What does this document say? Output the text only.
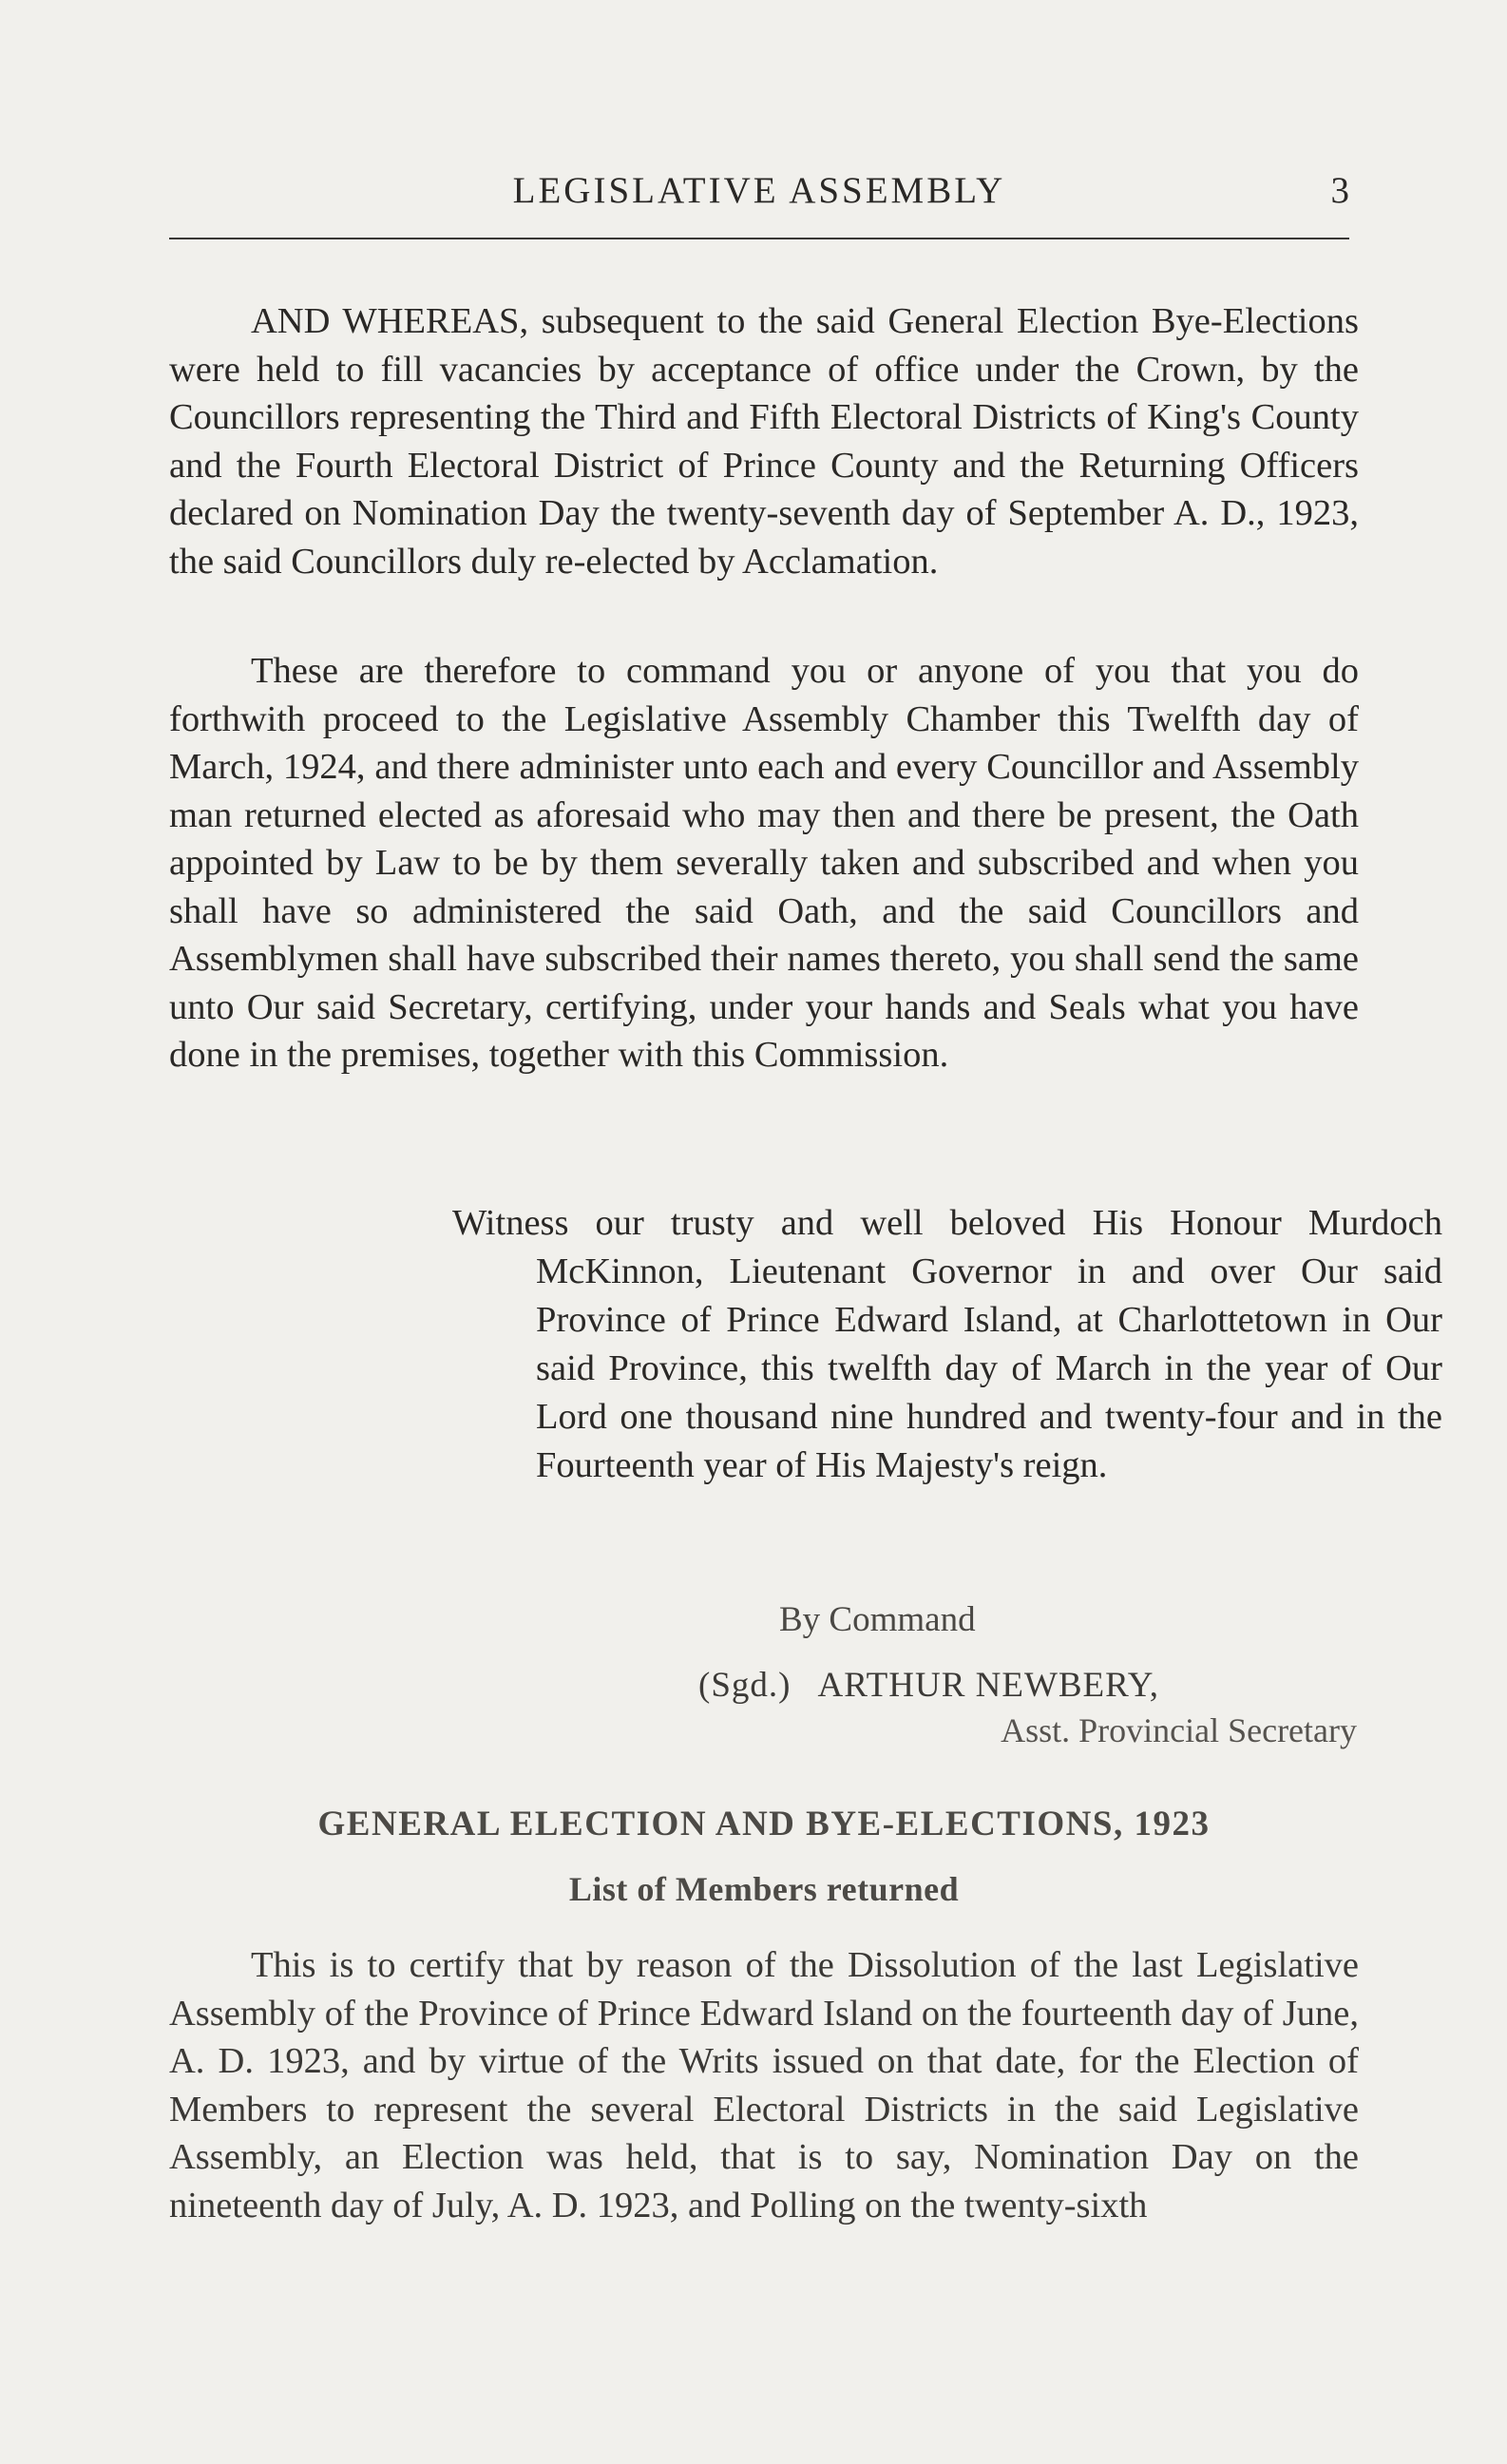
LEGISLATIVE ASSEMBLY	3

AND WHEREAS, subsequent to the said General Election Bye-Elections were held to fill vacancies by acceptance of office under the Crown, by the Councillors representing the Third and Fifth Electoral Districts of King's County and the Fourth Electoral District of Prince County and the Returning Officers declared on Nomination Day the twenty-seventh day of September A. D., 1923, the said Councillors duly re-elected by Acclamation.

These are therefore to command you or anyone of you that you do forthwith proceed to the Legislative Assembly Chamber this Twelfth day of March, 1924, and there administer unto each and every Councillor and Assembly man returned elected as aforesaid who may then and there be present, the Oath appointed by Law to be by them severally taken and subscribed and when you shall have so administered the said Oath, and the said Councillors and Assemblymen shall have subscribed their names thereto, you shall send the same unto Our said Secretary, certifying, under your hands and Seals what you have done in the premises, together with this Commission.

Witness our trusty and well beloved His Honour Murdoch McKinnon, Lieutenant Governor in and over Our said Province of Prince Edward Island, at Charlottetown in Our said Province, this twelfth day of March in the year of Our Lord one thousand nine hundred and twenty-four and in the Fourteenth year of His Majesty's reign.

By Command

(Sgd.) ARTHUR NEWBERY,

Asst. Provincial Secretary

GENERAL ELECTION AND BYE-ELECTIONS, 1923
List of Members returned

This is to certify that by reason of the Dissolution of the last Legislative Assembly of the Province of Prince Edward Island on the fourteenth day of June, A. D. 1923, and by virtue of the Writs issued on that date, for the Election of Members to represent the several Electoral Districts in the said Legislative Assembly, an Election was held, that is to say, Nomination Day on the nineteenth day of July, A. D. 1923, and Polling on the twenty-sixth
